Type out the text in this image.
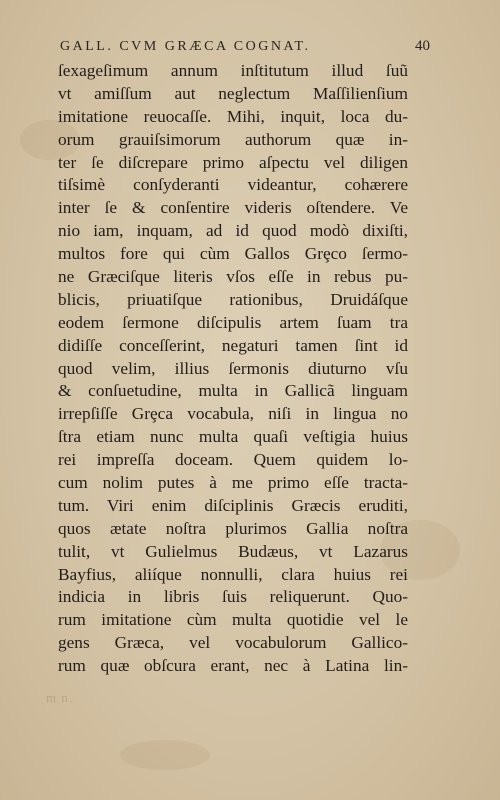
GALL. CVM GRÆCA COGNAT.	40
ſexageſimum annum inſtitutum illud ſuũ
vt amiſſum aut neglectum Maſſilienſium
imitatione reuocaſſe. Mihi, inquit, loca du-
orum grauiſsimorum authorum quæ in-
ter ſe diſcrepare primo aſpectu vel diligen
tiſsimè conſyderanti videantur, cohærere
inter ſe & conſentire videris oſtendere. Ve
nio iam, inquam, ad id quod modò dixiſti,
multos fore qui cùm Gallos Grȩco ſermo-
ne Græciſque literis vſos eſſe in rebus pu-
blicis, priuatiſque rationibus, Druidáſque
eodem ſermone diſcipulis artem ſuam tra
didiſſe conceſſerint, negaturi tamen ſint id
quod velim, illius ſermonis diuturno vſu
& conſuetudine, multa in Gallicã linguam
irrepſiſſe Grȩca vocabula, niſi in lingua no
ſtra etiam nunc multa quaſi veſtigia huius
rei impreſſa doceam. Quem quidem lo-
cum nolim putes à me primo eſſe tracta-
tum. Viri enim diſciplinis Græcis eruditi,
quos ætate noſtra plurimos Gallia noſtra
tulit, vt Gulielmus Budæus, vt Lazarus
Bayfius, aliíque nonnulli, clara huius rei
indicia in libris ſuis reliquerunt. Quo-
rum imitatione cùm multa quotidie vel le
gens Græca, vel vocabulorum Gallico-
rum quæ obſcura erant, nec à Latina lin-
m n.
